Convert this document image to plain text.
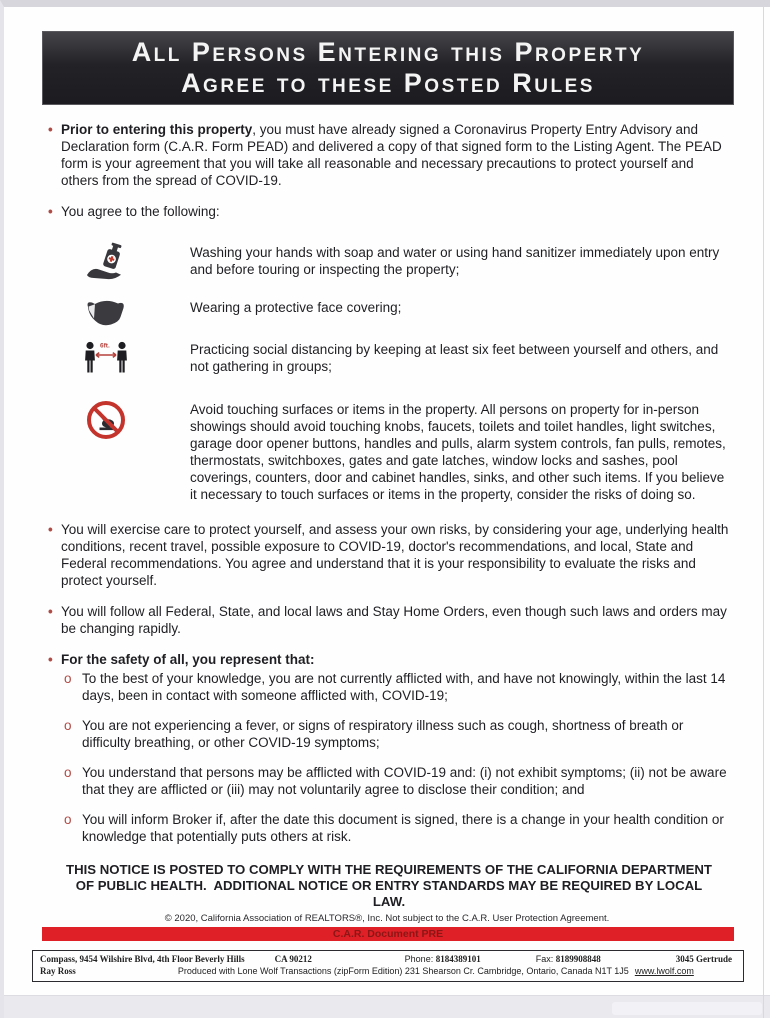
All Persons Entering this Property
Agree to these Posted Rules
• Prior to entering this property, you must have already signed a Coronavirus Property Entry Advisory and Declaration form (C.A.R. Form PEAD) and delivered a copy of that signed form to the Listing Agent. The PEAD form is your agreement that you will take all reasonable and necessary precautions to protect yourself and others from the spread of COVID-19.
• You agree to the following:
Washing your hands with soap and water or using hand sanitizer immediately upon entry and before touring or inspecting the property;
Wearing a protective face covering;
6ft.	Practicing social distancing by keeping at least six feet between yourself and others, and not gathering in groups;
Avoid touching surfaces or items in the property. All persons on property for in-person showings should avoid touching knobs, faucets, toilets and toilet handles, light switches, garage door opener buttons, handles and pulls, alarm system controls, fan pulls, remotes, thermostats, switchboxes, gates and gate latches, window locks and sashes, pool coverings, counters, door and cabinet handles, sinks, and other such items. If you believe it necessary to touch surfaces or items in the property, consider the risks of doing so.
• You will exercise care to protect yourself, and assess your own risks, by considering your age, underlying health conditions, recent travel, possible exposure to COVID-19, doctor's recommendations, and local, State and Federal recommendations. You agree and understand that it is your responsibility to evaluate the risks and protect yourself.
• You will follow all Federal, State, and local laws and Stay Home Orders, even though such laws and orders may be changing rapidly.
• For the safety of all, you represent that:
o To the best of your knowledge, you are not currently afflicted with, and have not knowingly, within the last 14 days, been in contact with someone afflicted with, COVID-19;
o You are not experiencing a fever, or signs of respiratory illness such as cough, shortness of breath or difficulty breathing, or other COVID-19 symptoms;
o You understand that persons may be afflicted with COVID-19 and: (i) not exhibit symptoms; (ii) not be aware that they are afflicted or (iii) may not voluntarily agree to disclose their condition; and
o You will inform Broker if, after the date this document is signed, there is a change in your health condition or knowledge that potentially puts others at risk.
THIS NOTICE IS POSTED TO COMPLY WITH THE REQUIREMENTS OF THE CALIFORNIA DEPARTMENT OF PUBLIC HEALTH.  ADDITIONAL NOTICE OR ENTRY STANDARDS MAY BE REQUIRED BY LOCAL LAW.
© 2020, California Association of REALTORS®, Inc. Not subject to the C.A.R. User Protection Agreement.
C.A.R. Document PRE
Compass, 9454 Wilshire Blvd, 4th Floor Beverly Hills	CA 90212	Phone: 8184389101	Fax: 8189908848	3045 Gertrude
Ray Ross	Produced with Lone Wolf Transactions (zipForm Edition) 231 Shearson Cr. Cambridge, Ontario, Canada N1T 1J5 www.lwolf.com
